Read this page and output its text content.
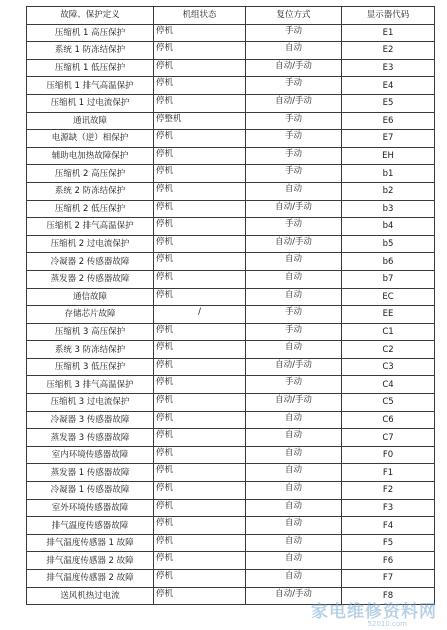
故障、保护定义	机组状态	复位方式	显示器代码
压缩机 1 高压保护	停机	手动	E1
系统 1 防冻结保护	停机	自动	E2
压缩机 1 低压保护	停机	自动/手动	E3
压缩机 1 排气高温保护	停机	手动	E4
压缩机 1 过电流保护	停机	自动/手动	E5
通讯故障	停整机	手动	E6
电源缺（逆）相保护	停机	手动	E7
辅助电加热故障保护	停机	手动	EH
压缩机 2 高压保护	停机	手动	b1
系统 2 防冻结保护	停机	自动	b2
压缩机 2 低压保护	停机	自动/手动	b3
压缩机 2 排气高温保护	停机	手动	b4
压缩机 2 过电流保护	停机	自动/手动	b5
冷凝器 2 传感器故障	停机	自动	b6
蒸发器 2 传感器故障	停机	自动	b7
通信故障	停机	自动	EC
存储芯片故障	/	手动	EE
压缩机 3 高压保护	停机	手动	C1
系统 3 防冻结保护	停机	自动	C2
压缩机 3 低压保护	停机	自动/手动	C3
压缩机 3 排气高温保护	停机	手动	C4
压缩机 3 过电流保护	停机	自动/手动	C5
冷凝器 3 传感器故障	停机	自动	C6
蒸发器 3 传感器故障	停机	自动	C7
室内环境传感器故障	停机	自动	F0
蒸发器 1 传感器故障	停机	自动	F1
冷凝器 1 传感器故障	停机	自动	F2
室外环境传感器故障	停机	自动	F3
排气温度传感器故障	停机	自动	F4
排气温度传感器 1 故障	停机	自动	F5
排气温度传感器 2 故障	停机	自动	F6
排气温度传感器 2 故障	停机	自动	F7
送风机热过电流	停机	自动/手动	F8
家电维修资料网
52010.com
